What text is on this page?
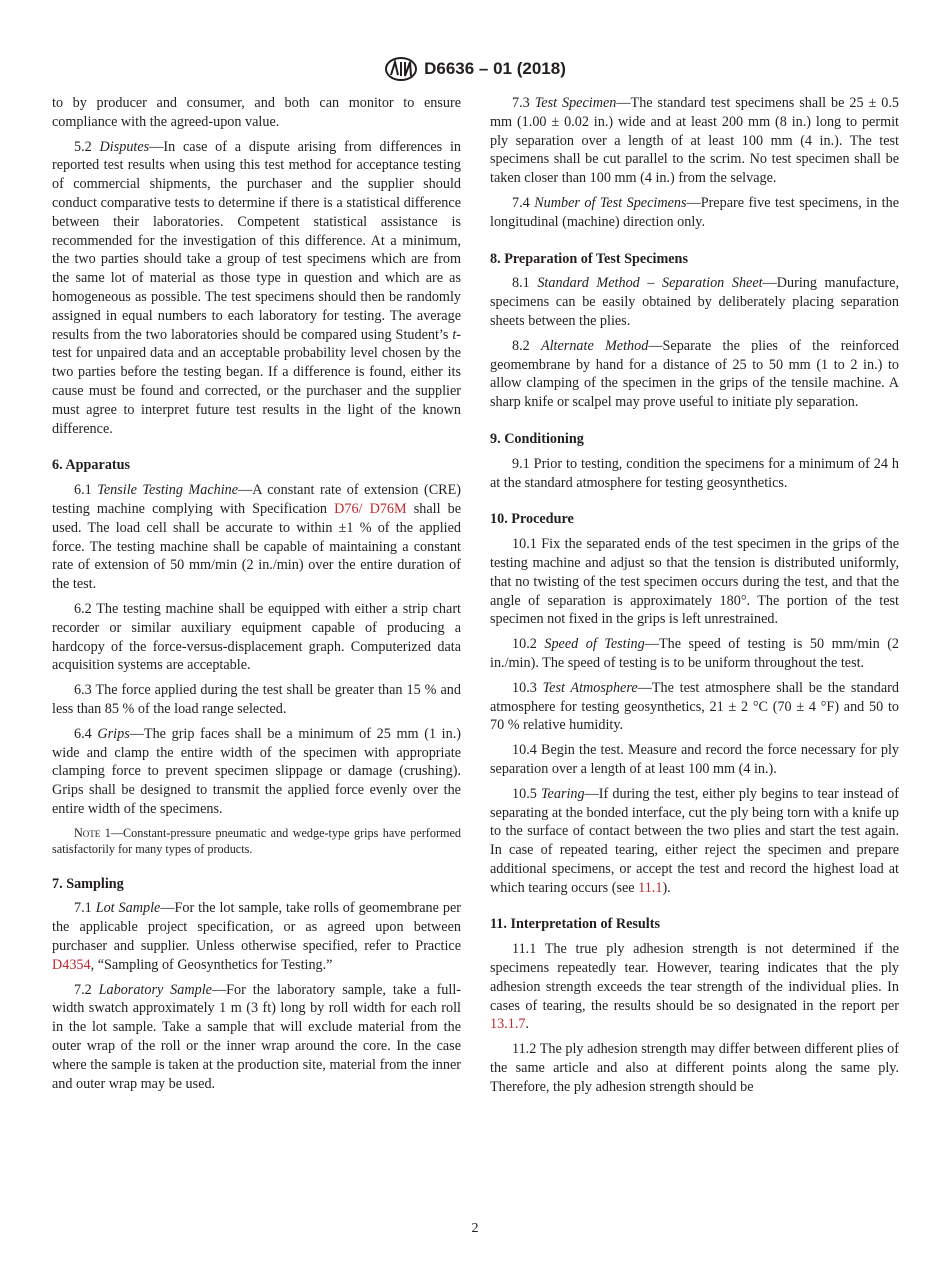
D6636 – 01 (2018)
to by producer and consumer, and both can monitor to ensure compliance with the agreed-upon value.
5.2 Disputes—In case of a dispute arising from differences in reported test results when using this test method for acceptance testing of commercial shipments, the purchaser and the supplier should conduct comparative tests to determine if there is a statistical difference between their laboratories. Competent statistical assistance is recommended for the investigation of this difference. At a minimum, the two parties should take a group of test specimens which are from the same lot of material as those type in question and which are as homogeneous as possible. The test specimens should then be randomly assigned in equal numbers to each laboratory for testing. The average results from the two laboratories should be compared using Student’s t-test for unpaired data and an acceptable probability level chosen by the two parties before the testing began. If a difference is found, either its cause must be found and corrected, or the purchaser and the supplier must agree to interpret future test results in the light of the known difference.
6. Apparatus
6.1 Tensile Testing Machine—A constant rate of extension (CRE) testing machine complying with Specification D76/ D76M shall be used. The load cell shall be accurate to within ±1 % of the applied force. The testing machine shall be capable of maintaining a constant rate of extension of 50 mm/min (2 in./min) over the entire duration of the test.
6.2 The testing machine shall be equipped with either a strip chart recorder or similar auxiliary equipment capable of producing a hardcopy of the force-versus-displacement graph. Computerized data acquisition systems are acceptable.
6.3 The force applied during the test shall be greater than 15 % and less than 85 % of the load range selected.
6.4 Grips—The grip faces shall be a minimum of 25 mm (1 in.) wide and clamp the entire width of the specimen with appropriate clamping force to prevent specimen slippage or damage (crushing). Grips shall be designed to transmit the applied force evenly over the entire width of the specimens.
Note 1—Constant-pressure pneumatic and wedge-type grips have performed satisfactorily for many types of products.
7. Sampling
7.1 Lot Sample—For the lot sample, take rolls of geomembrane per the applicable project specification, or as agreed upon between purchaser and supplier. Unless otherwise specified, refer to Practice D4354, “Sampling of Geosynthetics for Testing.”
7.2 Laboratory Sample—For the laboratory sample, take a full-width swatch approximately 1 m (3 ft) long by roll width for each roll in the lot sample. Take a sample that will exclude material from the outer wrap of the roll or the inner wrap around the core. In the case where the sample is taken at the production site, material from the inner and outer wrap may be used.
7.3 Test Specimen—The standard test specimens shall be 25 ± 0.5 mm (1.00 ± 0.02 in.) wide and at least 200 mm (8 in.) long to permit ply separation over a length of at least 100 mm (4 in.). The test specimens shall be cut parallel to the scrim. No test specimen shall be taken closer than 100 mm (4 in.) from the selvage.
7.4 Number of Test Specimens—Prepare five test specimens, in the longitudinal (machine) direction only.
8. Preparation of Test Specimens
8.1 Standard Method – Separation Sheet—During manufacture, specimens can be easily obtained by deliberately placing separation sheets between the plies.
8.2 Alternate Method—Separate the plies of the reinforced geomembrane by hand for a distance of 25 to 50 mm (1 to 2 in.) to allow clamping of the specimen in the grips of the tensile machine. A sharp knife or scalpel may prove useful to initiate ply separation.
9. Conditioning
9.1 Prior to testing, condition the specimens for a minimum of 24 h at the standard atmosphere for testing geosynthetics.
10. Procedure
10.1 Fix the separated ends of the test specimen in the grips of the testing machine and adjust so that the tension is distributed uniformly, that no twisting of the test specimen occurs during the test, and that the angle of separation is approximately 180°. The portion of the test specimen not fixed in the grips is left unrestrained.
10.2 Speed of Testing—The speed of testing is 50 mm/min (2 in./min). The speed of testing is to be uniform throughout the test.
10.3 Test Atmosphere—The test atmosphere shall be the standard atmosphere for testing geosynthetics, 21 ± 2 °C (70 ± 4 °F) and 50 to 70 % relative humidity.
10.4 Begin the test. Measure and record the force necessary for ply separation over a length of at least 100 mm (4 in.).
10.5 Tearing—If during the test, either ply begins to tear instead of separating at the bonded interface, cut the ply being torn with a knife up to the surface of contact between the two plies and start the test again. In case of repeated tearing, either reject the specimen and prepare additional specimens, or accept the test and record the highest load at which tearing occurs (see 11.1).
11. Interpretation of Results
11.1 The true ply adhesion strength is not determined if the specimens repeatedly tear. However, tearing indicates that the ply adhesion strength exceeds the tear strength of the individual plies. In cases of tearing, the results should be so designated in the report per 13.1.7.
11.2 The ply adhesion strength may differ between different plies of the same article and also at different points along the same ply. Therefore, the ply adhesion strength should be
2
